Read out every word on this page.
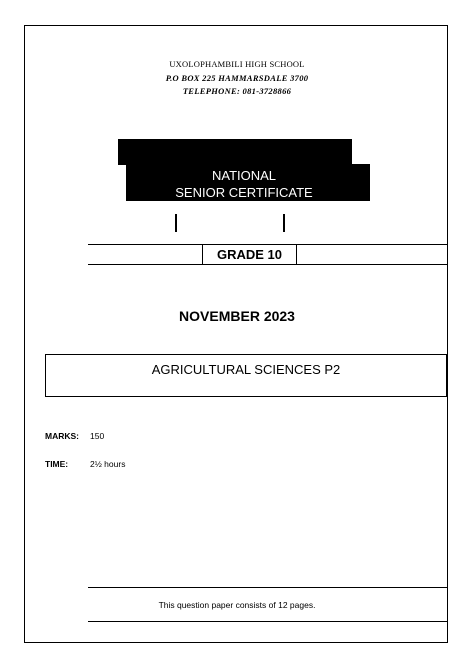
UXOLOPHAMBILI HIGH SCHOOL
P.O BOX 225 HAMMARSDALE 3700
TELEPHONE: 081-3728866
NATIONAL
SENIOR CERTIFICATE
GRADE 10
NOVEMBER 2023
AGRICULTURAL SCIENCES P2
MARKS: 150
TIME:	2½ hours
This question paper consists of 12 pages.
